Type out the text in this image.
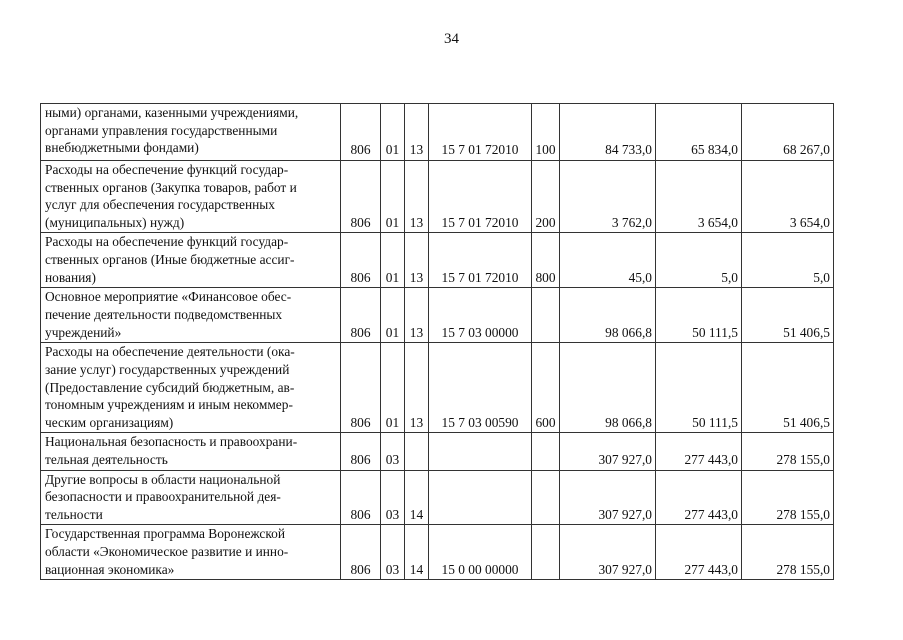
34
ными) органами, казенными учреждениями,
органами управления государственными
внебюджетными фондами)	806	01	13	15 7 01 72010	100	84 733,0	65 834,0	68 267,0

Расходы на обеспечение функций государ-
ственных органов (Закупка товаров, работ и
услуг для обеспечения государственных
(муниципальных) нужд)	806	01	13	15 7 01 72010	200	3 762,0	3 654,0	3 654,0

Расходы на обеспечение функций государ-
ственных органов (Иные бюджетные ассиг-
нования)	806	01	13	15 7 01 72010	800	45,0	5,0	5,0

Основное мероприятие «Финансовое обес-
печение деятельности подведомственных
учреждений»	806	01	13	15 7 03 00000		98 066,8	50 111,5	51 406,5

Расходы на обеспечение деятельности (ока-
зание услуг) государственных учреждений
(Предоставление субсидий бюджетным, ав-
тономным учреждениям и иным некоммер-
ческим организациям)	806	01	13	15 7 03 00590	600	98 066,8	50 111,5	51 406,5

Национальная безопасность и правоохрани-
тельная деятельность	806	03				307 927,0	277 443,0	278 155,0

Другие вопросы в области национальной
безопасности и правоохранительной дея-
тельности	806	03	14			307 927,0	277 443,0	278 155,0

Государственная программа Воронежской
области «Экономическое развитие и инно-
вационная экономика»	806	03	14	15 0 00 00000		307 927,0	277 443,0	278 155,0
